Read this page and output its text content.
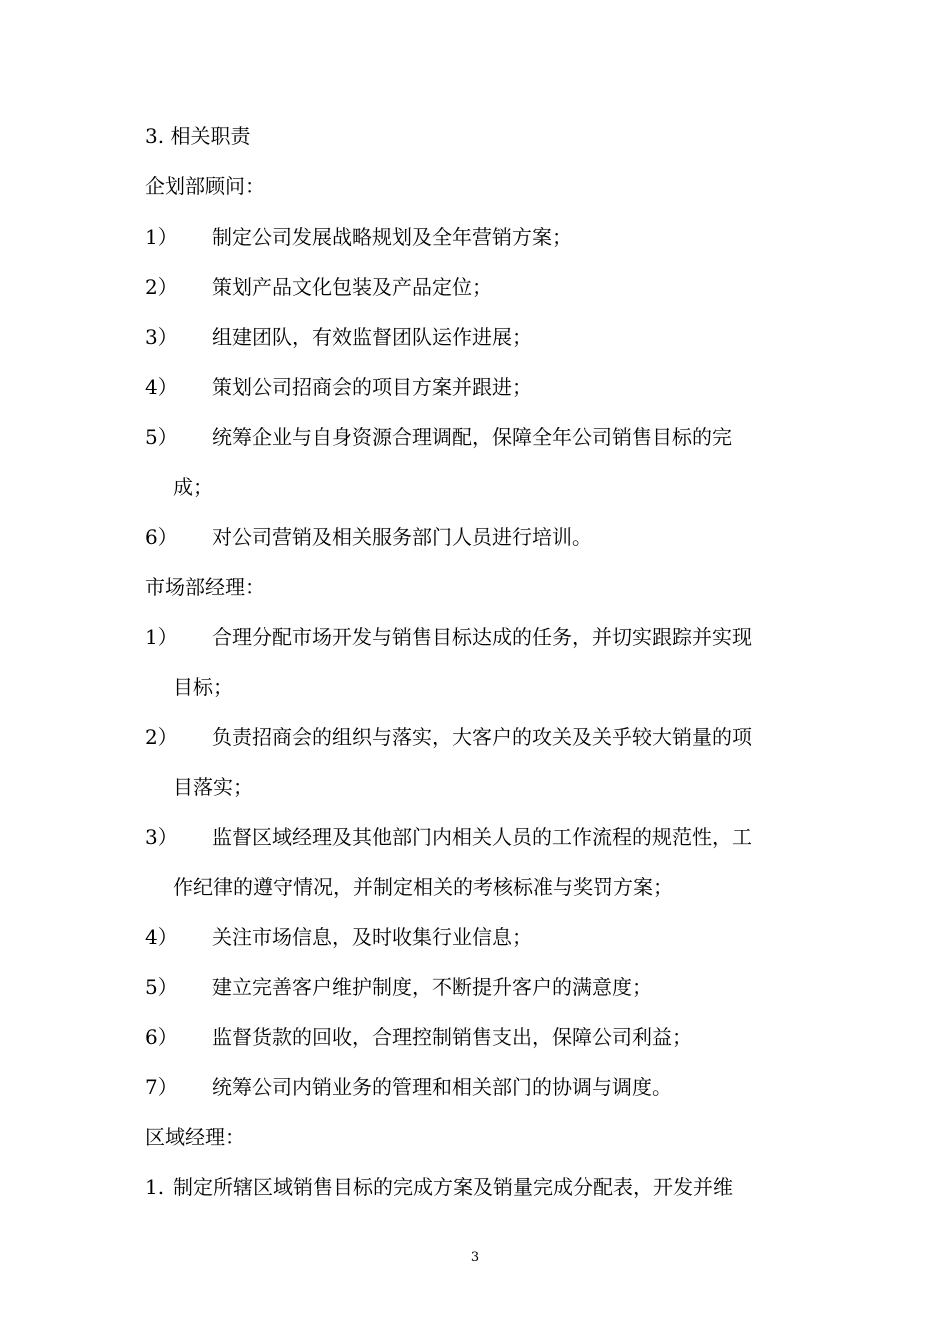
3. 相关职责
企划部顾问：
1） 制定公司发展战略规划及全年营销方案；
2） 策划产品文化包装及产品定位；
3） 组建团队，有效监督团队运作进展；
4） 策划公司招商会的项目方案并跟进；
5） 统筹企业与自身资源合理调配，保障全年公司销售目标的完
成；
6） 对公司营销及相关服务部门人员进行培训。
市场部经理：
1） 合理分配市场开发与销售目标达成的任务，并切实跟踪并实现
目标；
2） 负责招商会的组织与落实，大客户的攻关及关乎较大销量的项
目落实；
3） 监督区域经理及其他部门内相关人员的工作流程的规范性，工
作纪律的遵守情况，并制定相关的考核标准与奖罚方案；
4） 关注市场信息，及时收集行业信息；
5） 建立完善客户维护制度，不断提升客户的满意度；
6） 监督货款的回收，合理控制销售支出，保障公司利益；
7） 统筹公司内销业务的管理和相关部门的协调与调度。
区域经理：
1. 制定所辖区域销售目标的完成方案及销量完成分配表，开发并维
3
